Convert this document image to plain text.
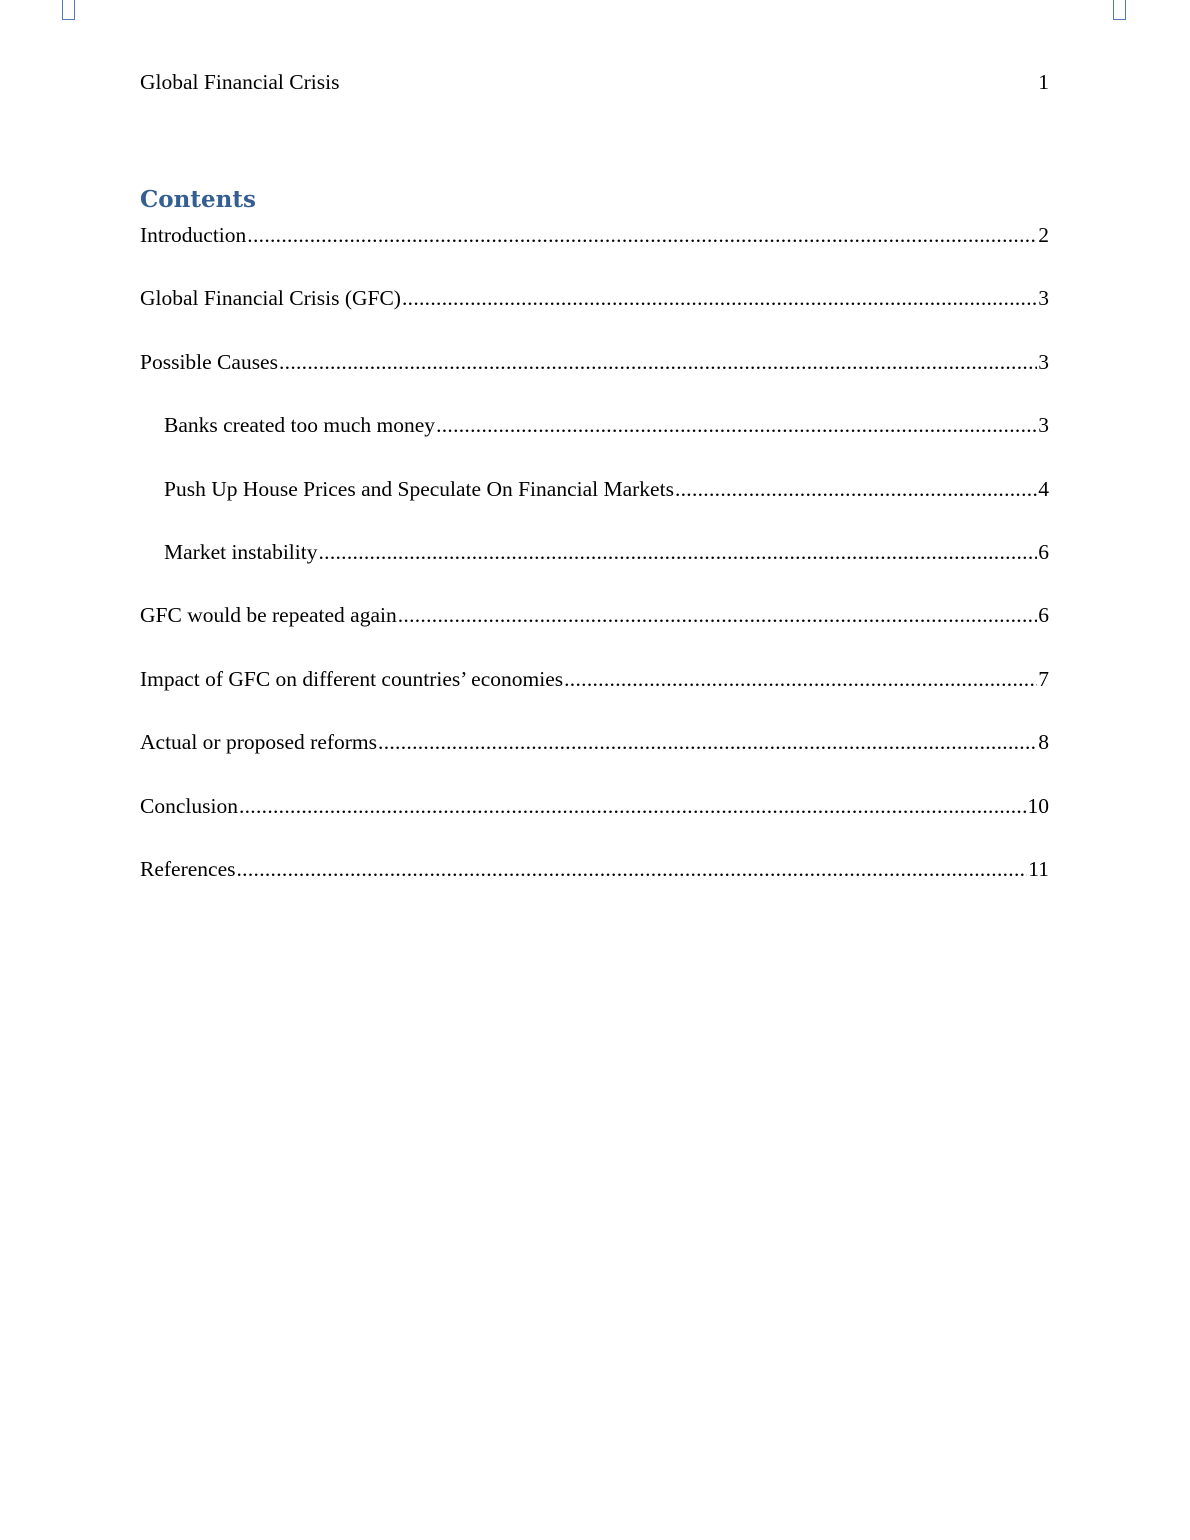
Global Financial Crisis	1
Contents
Introduction .....	2
Global Financial Crisis (GFC) .....	3
Possible Causes .....	3
Banks created too much money .....	3
Push Up House Prices and Speculate On Financial Markets .....	4
Market instability .....	6
GFC would be repeated again .....	6
Impact of GFC on different countries’ economies .....	7
Actual or proposed reforms .....	8
Conclusion .....	10
References .....	11
